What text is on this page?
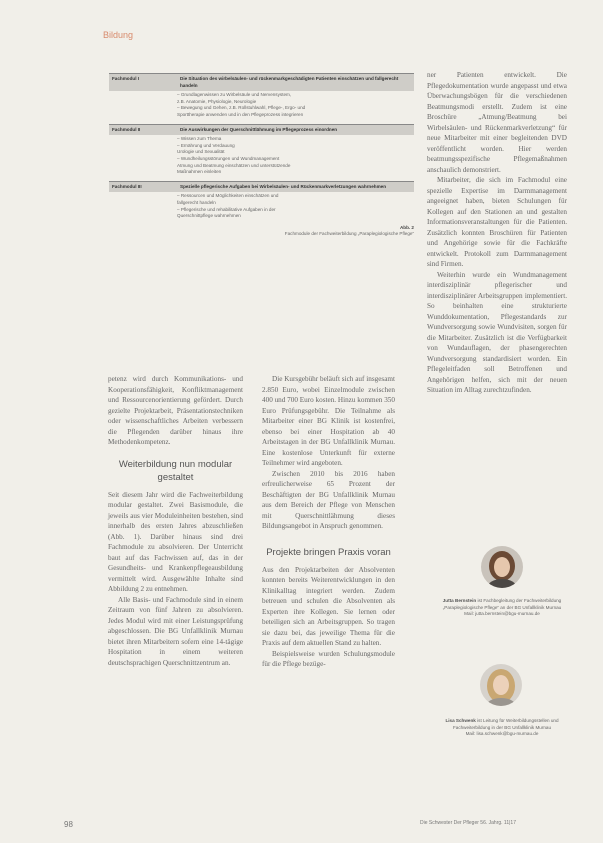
Bildung
Fachmodul I	Die Situation des wirbelsäulen- und rückenmarkgeschädigten Patienten einschätzen und fallgerecht handeln
– Grundlagenwissen zu Wirbelsäule und Nervensystem,
z.B. Anatomie, Physiologie, Neurologie
– Bewegung und Gehen, z.B. Rollstuhlwahl, Pflege-, Ergo- und
Sporttherapie anwenden und in den Pflegeprozess integrieren
Fachmodul II	Die Auswirkungen der Querschnittlähmung im Pflegeprozess einordnen
– Wissen zum Thema
– Ernährung und Verdauung
Urologie und Sexualität
– Wundheilungsstörungen und Wundmanagement
Atmung und Beatmung einschätzen und unterstützende
Maßnahmen einleiten
Fachmodul III	Spezielle pflegerische Aufgaben bei Wirbelsäulen- und Rückenmarkverletzungen wahrnehmen
– Ressourcen und Möglichkeiten einschätzen und
fallgerecht handeln
– Pflegerische und rehabilitative Aufgaben in der
Querschnittpflege wahrnehmen
Abb. 2
Fachmodule der Fachweiterbildung „Paraplegiologische Pflege“

petenz wird durch Kommunikations- und Kooperationsfähigkeit, Konfliktmanagement und Ressourcenorientierung gefördert. Durch gezielte Projektarbeit, Präsentationstechniken oder wissenschaftliches Arbeiten verbessern die Pflegenden darüber hinaus ihre Methodenkompetenz.

Weiterbildung nun modular gestaltet

Seit diesem Jahr wird die Fachweiterbildung modular gestaltet. Zwei Basismodule, die jeweils aus vier Moduleinheiten bestehen, sind innerhalb des ersten Jahres abzuschließen (Abb. 1). Darüber hinaus sind drei Fachmodule zu absolvieren. Der Unterricht baut auf das Fachwissen auf, das in der Gesundheits- und Krankenpflegeausbildung vermittelt wird. Ausgewählte Inhalte sind Abbildung 2 zu entnehmen.

Alle Basis- und Fachmodule sind in einem Zeitraum von fünf Jahren zu absolvieren. Jedes Modul wird mit einer Leistungsprüfung abgeschlossen. Die BG Unfallklinik Murnau bietet ihren Mitarbeitern sofern eine 14-tägige Hospitation in einem weiteren deutschsprachigen Querschnittzentrum an.

Die Kursgebühr beläuft sich auf insgesamt 2.850 Euro, wobei Einzelmodule zwischen 400 und 700 Euro kosten. Hinzu kommen 350 Euro Prüfungsgebühr. Die Teilnahme als Mitarbeiter einer BG Klinik ist kostenfrei, ebenso bei einer Hospitation ab 40 Arbeitstagen in der BG Unfallklinik Murnau. Eine kostenlose Unterkunft für externe Teilnehmer wird angeboten.

Zwischen 2010 bis 2016 haben erfreulicherweise 65 Prozent der Beschäftigten der BG Unfallklinik Murnau aus dem Bereich der Pflege von Menschen mit Querschnittlähmung dieses Bildungsangebot in Anspruch genommen.

Projekte bringen Praxis voran

Aus den Projektarbeiten der Absolventen konnten bereits Weiterentwicklungen in den Klinikalltag integriert werden. Zudem betreuen und schulen die Absolventen als Experten ihre Kollegen. Sie lernen oder beteiligen sich an Arbeitsgruppen. So tragen sie dazu bei, das jeweilige Thema für die Praxis auf dem aktuellen Stand zu halten.

Beispielsweise wurden Schulungsmodule für die Pflege bezüge-

ner Patienten entwickelt. Die Pflegedokumentation wurde angepasst und etwa Überwachungsbögen für die verschiedenen Beatmungsmodi erstellt. Zudem ist eine Broschüre „Atmung/Beatmung bei Wirbelsäulen- und Rückenmarkverletzung“ für neue Mitarbeiter mit einer begleitenden DVD veröffentlicht worden. Hier werden beatmungsspezifische Pflegemaßnahmen anschaulich demonstriert.

Mitarbeiter, die sich im Fachmodul eine spezielle Expertise im Darmmanagement angeeignet haben, bieten Schulungen für Kollegen auf den Stationen an und gestalten Informationsveranstaltungen für die Patienten. Zusätzlich konnten Broschüren für Patienten und Angehörige sowie für die Fachkräfte entwickelt. Protokoll zum Darmmanagement sind Firmen.

Weiterhin wurde ein Wundmanagement interdisziplinär pflegerischer und interdisziplinärer Arbeitsgruppen implementiert. So beinhalten eine strukturierte Wunddokumentation, Pflegestandards zur Wundversorgung sowie Wundvisiten, sorgen für die Mitarbeiter. Zusätzlich ist die Verfügbarkeit von Wundauflagen, der phasengerechten Wundversorgung standardisiert worden. Ein Pflegeleitfaden soll Betroffenen und Angehörigen helfen, sich mit der neuen Situation im Alltag zurechtzufinden.

Jutta Bernstein ist Fachbegleitung der Fachweiterbildung „Paraplegiologische Pflege“ an der BG Unfallklinik Murnau
Mail: jutta.bernstein@bgu-murnau.de
Lisa Schwenk ist Leitung für Weiterbildungsstellen und Fachweiterbildung in der BG Unfallklinik Murnau
Mail: lisa.schwenk@bgu-murnau.de
98	Die Schwester Der Pfleger 56. Jahrg. 11|17
